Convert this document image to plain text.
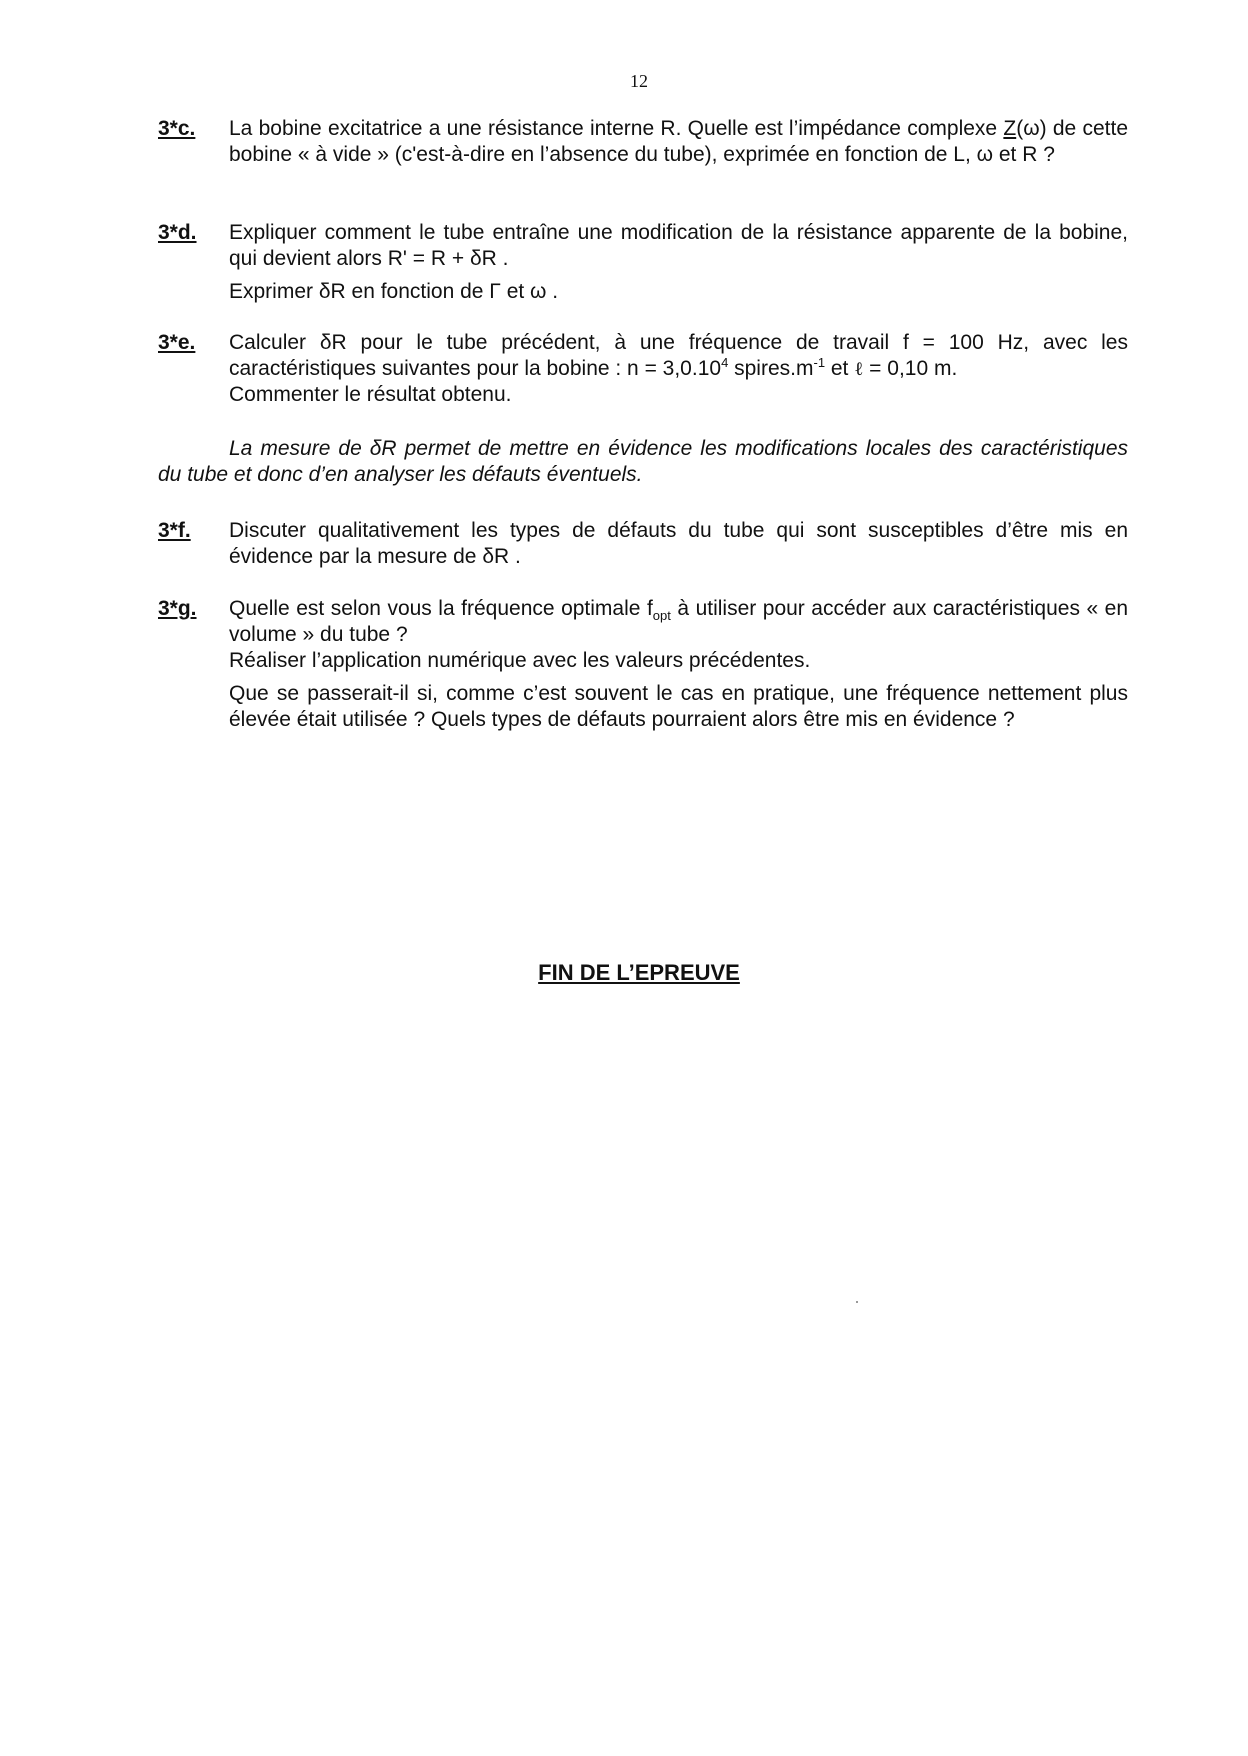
12
3*c. La bobine excitatrice a une résistance interne R. Quelle est l’impédance complexe Z(ω) de cette bobine « à vide » (c'est-à-dire en l’absence du tube), exprimée en fonction de L, ω et R ?

3*d. Expliquer comment le tube entraîne une modification de la résistance apparente de la bobine, qui devient alors R' = R + δR .

Exprimer δR en fonction de Γ et ω .

3*e. Calculer δR pour le tube précédent, à une fréquence de travail f = 100 Hz, avec les caractéristiques suivantes pour la bobine : $n = 3,0.10^4$ $spires.m^{-1}$ et ℓ = 0,10 m.

Commenter le résultat obtenu.

La mesure de δR permet de mettre en évidence les modifications locales des caractéristiques du tube et donc d’en analyser les défauts éventuels.
3*f. Discuter qualitativement les types de défauts du tube qui sont susceptibles d’être mis en évidence par la mesure de δR .

3*g. Quelle est selon vous la fréquence optimale $f_{opt}$ à utiliser pour accéder aux caractéristiques « en volume » du tube ?

Réaliser l’application numérique avec les valeurs précédentes.

Que se passerait-il si, comme c’est souvent le cas en pratique, une fréquence nettement plus élevée était utilisée ? Quels types de défauts pourraient alors être mis en évidence ?

FIN DE L’EPREUVE
